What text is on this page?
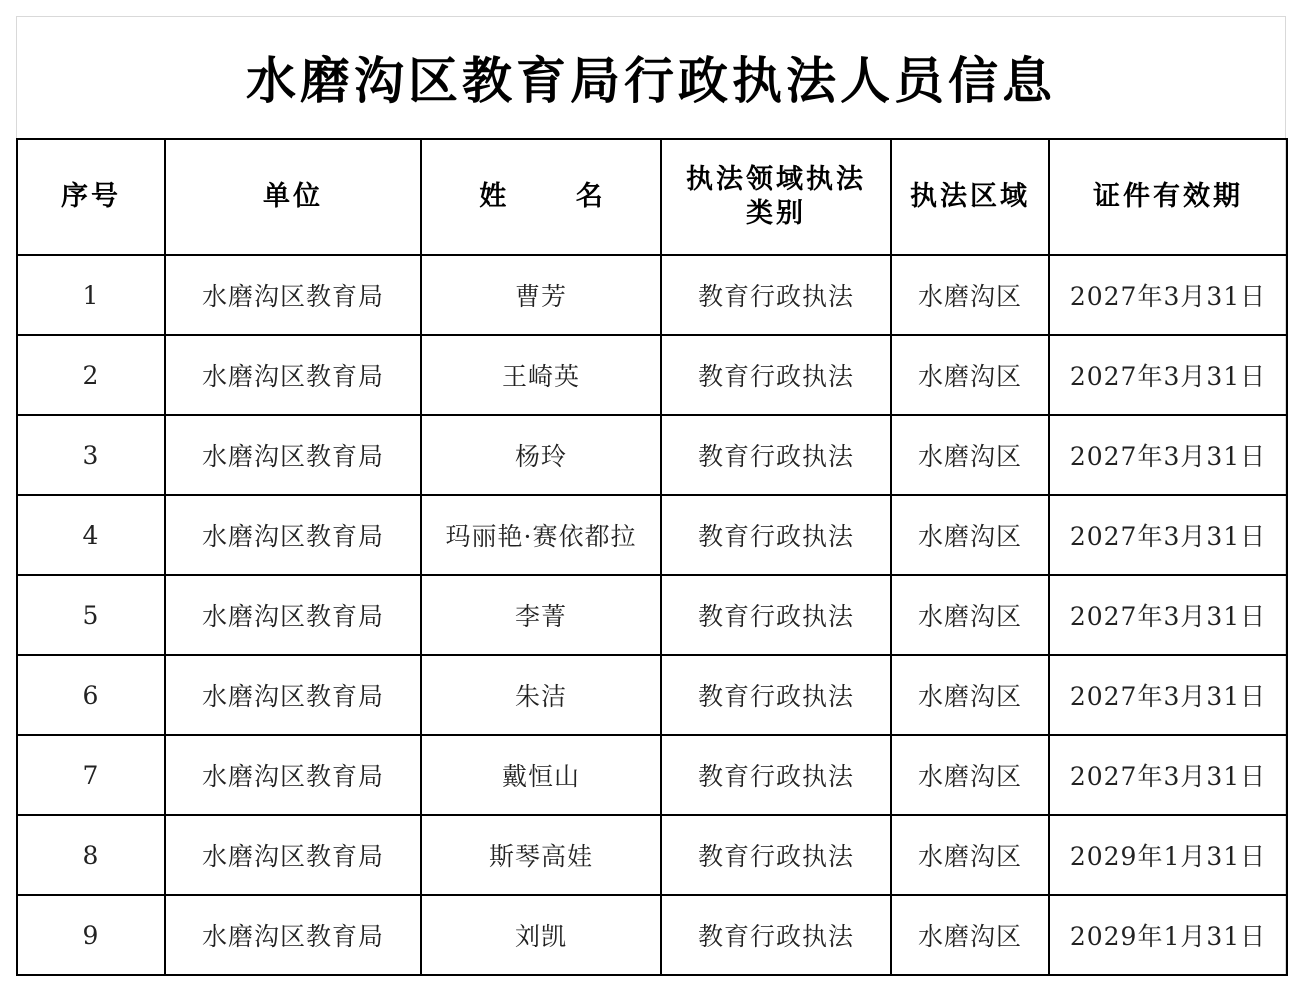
水磨沟区教育局行政执法人员信息
序号	单位	姓 名	执法领域执法类别	执法区域	证件有效期
1	水磨沟区教育局	曹芳	教育行政执法	水磨沟区	2027年3月31日
2	水磨沟区教育局	王崎英	教育行政执法	水磨沟区	2027年3月31日
3	水磨沟区教育局	杨玲	教育行政执法	水磨沟区	2027年3月31日
4	水磨沟区教育局	玛丽艳·赛依都拉	教育行政执法	水磨沟区	2027年3月31日
5	水磨沟区教育局	李菁	教育行政执法	水磨沟区	2027年3月31日
6	水磨沟区教育局	朱洁	教育行政执法	水磨沟区	2027年3月31日
7	水磨沟区教育局	戴恒山	教育行政执法	水磨沟区	2027年3月31日
8	水磨沟区教育局	斯琴高娃	教育行政执法	水磨沟区	2029年1月31日
9	水磨沟区教育局	刘凯	教育行政执法	水磨沟区	2029年1月31日
